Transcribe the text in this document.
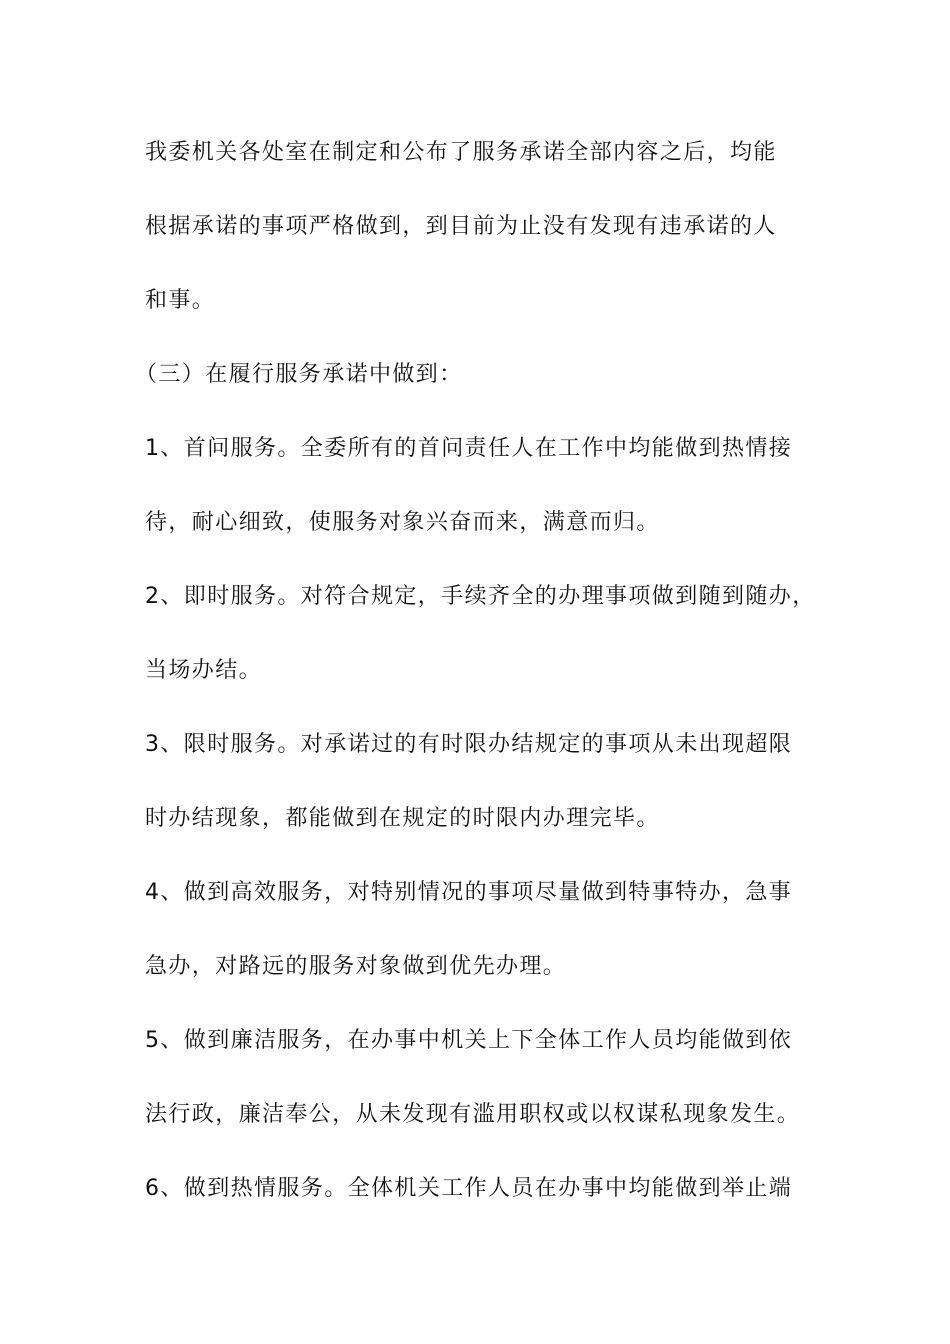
我委机关各处室在制定和公布了服务承诺全部内容之后，均能
根据承诺的事项严格做到，到目前为止没有发现有违承诺的人
和事。
（三）在履行服务承诺中做到：
1、首问服务。全委所有的首问责任人在工作中均能做到热情接
待，耐心细致，使服务对象兴奋而来，满意而归。
2、即时服务。对符合规定，手续齐全的办理事项做到随到随办，
当场办结。
3、限时服务。对承诺过的有时限办结规定的事项从未出现超限
时办结现象，都能做到在规定的时限内办理完毕。
4、做到高效服务，对特别情况的事项尽量做到特事特办，急事
急办，对路远的服务对象做到优先办理。
5、做到廉洁服务，在办事中机关上下全体工作人员均能做到依
法行政，廉洁奉公，从未发现有滥用职权或以权谋私现象发生。
6、做到热情服务。全体机关工作人员在办事中均能做到举止端
